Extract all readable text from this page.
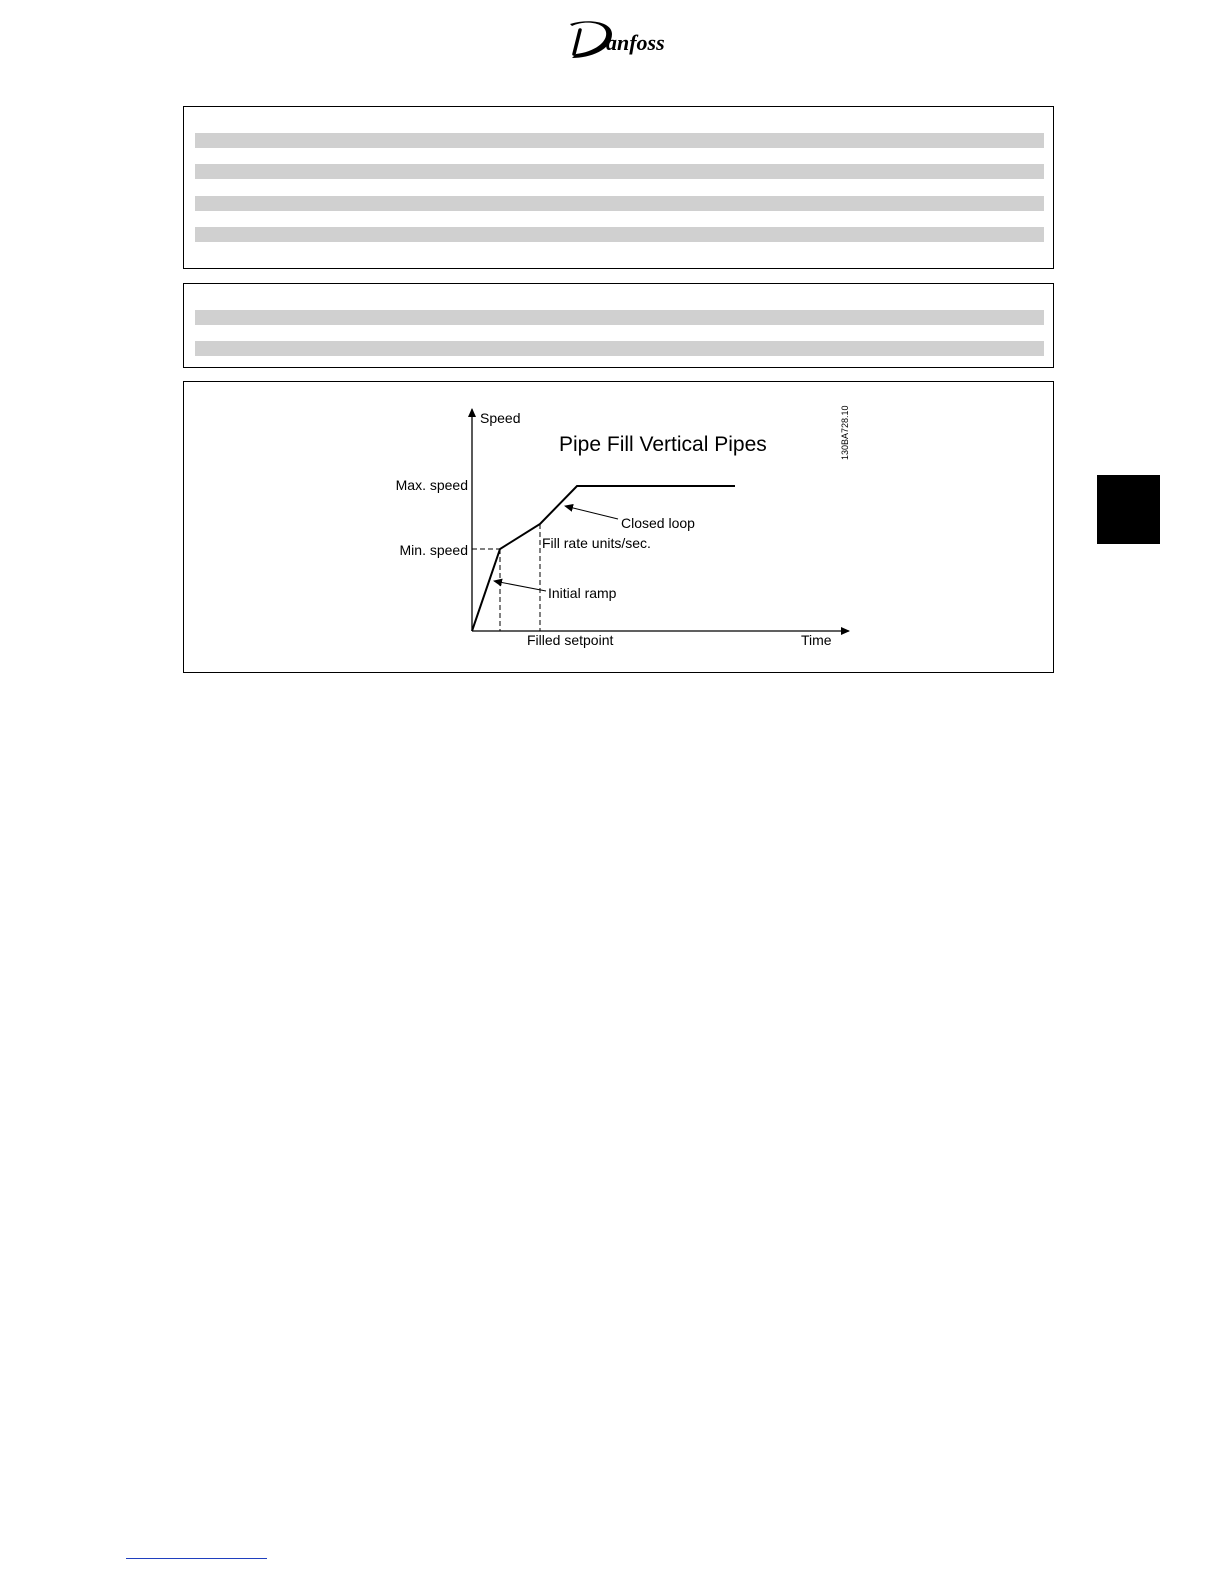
anfoss
Pipe Fill Vertical Pipes
Speed
Time
Max. speed
Min. speed
Closed loop
Fill rate units/sec.
Initial ramp
Filled setpoint
130BA728.10
